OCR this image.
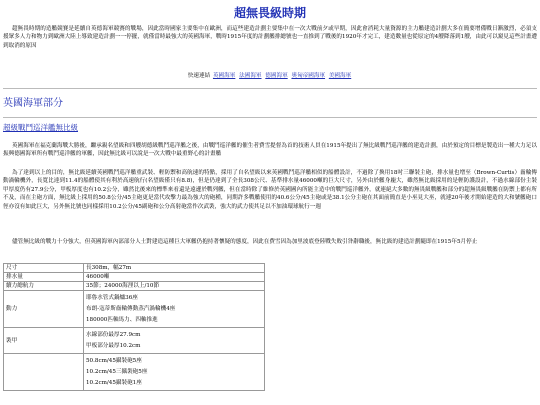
超無畏級時期
超無畏時期的造艦競賽是延續自英德海軍競賽的戰場，因此當時國家主要集中在歐洲，而這些建造計劃主要集中在一次大戰前夕或早期，因此會消耗大量資源的主力艦建造計劃大多在簡要增備戰日漸激烈，必須支援眾多人力和物力到歐洲大陸上導致建造計劃一一停擺，就僅當時最強大的英國海軍，戰時1915年度的計劃艦排總號也一直推到了戰後的1920年才完工，建造數量也從原定的4艘降落到1艘，由此可以窺見這些計畫遭到取消的原因
快速連結 英國海軍 法國海軍 德國海軍 奧匈帝國海軍 美國海軍
英國海軍部分
超級戰鬥巡洋艦無比級
英國海軍在福克蘭海戰大勝後，繼承親名望級和四艘胡德級戰鬥巡洋艦之後，由戰鬥巡洋艦的催生者費雪提督為首的技術人員在1915年提出了無比級戰鬥巡洋艦的建造計劃，由於預定的目標是製造出一種大力足以振興德國海軍所有戰鬥巡洋艦的軍艦，因此無比級可以說是一次大戰中最重野心的計畫艦
為了達到以上的目的，無比級延續英國戰鬥巡洋艦重武裝、輕防禦和高航速的特點，採用了自名望級以來英國戰鬥巡洋艦相似的船體設計，不過除了換用18吋三聯裝主砲，排水量也增至（Brown-Curtis）齒輪傳動渦輪機外，長寬比達到11.4的船體使其有利於高速航行(名望級僅只有8.8)，但是仍達到了全長308公尺、基準排水量46000噸的巨大尺寸，另外由於艦身龐大，雖然無比級採用的是輕防護設計，不過水線部份主裝甲厚度仍有27.9公分，甲板厚度也有10.2公分，雖然比後來的標準來看還是遠遜於戰列艦，但在當時除了維修於英國國內所能主造中的戰鬥巡洋艦外，就連絕大多數的無畏級戰艦和部分的超無畏級戰艦在防禦上都有所不及，而在主砲方面，無比級上採用的50.8公分/45主砲更是當代攻擊力最為強大的砲種，同期許多戰艦使用的40.6公分/45主砲或是38.1公分主砲在其面前簡直是小巫見大巫，就連20年後才開始建造的大和號艦砲口徑亦沒有如此巨大，另外無比號也同樣採用10.2公分/45副砲和公分高射砲當作次武裝，強大的武力使其足以不加油環球航行一週
儘管無比級的戰力十分強大，但英國海軍內部部分人士對建造這種巨大軍艦仍抱持著懷疑的態度，因此在費雪因為加里波底登陸戰失敗引咎辭職後，無比級的建造計劃隨即在1915年5月停止
尺寸	長308m，幅27m
排水量	46000噸
續力總航力	35節；24000海浬以上/10節
動力	耶魯水管式鍋爐36座
布朗-寇蒂斯齒輪傳動蒸汽渦輪機4座
180000匹軸馬力、四軸推進

裝甲	水線部份最厚27.9cm
甲板部分最厚10.2cm

	50.8cm/45攝裝砲5座
10.2cm/45三攝裝砲5座
10.2cm/45攝裝砲1座
